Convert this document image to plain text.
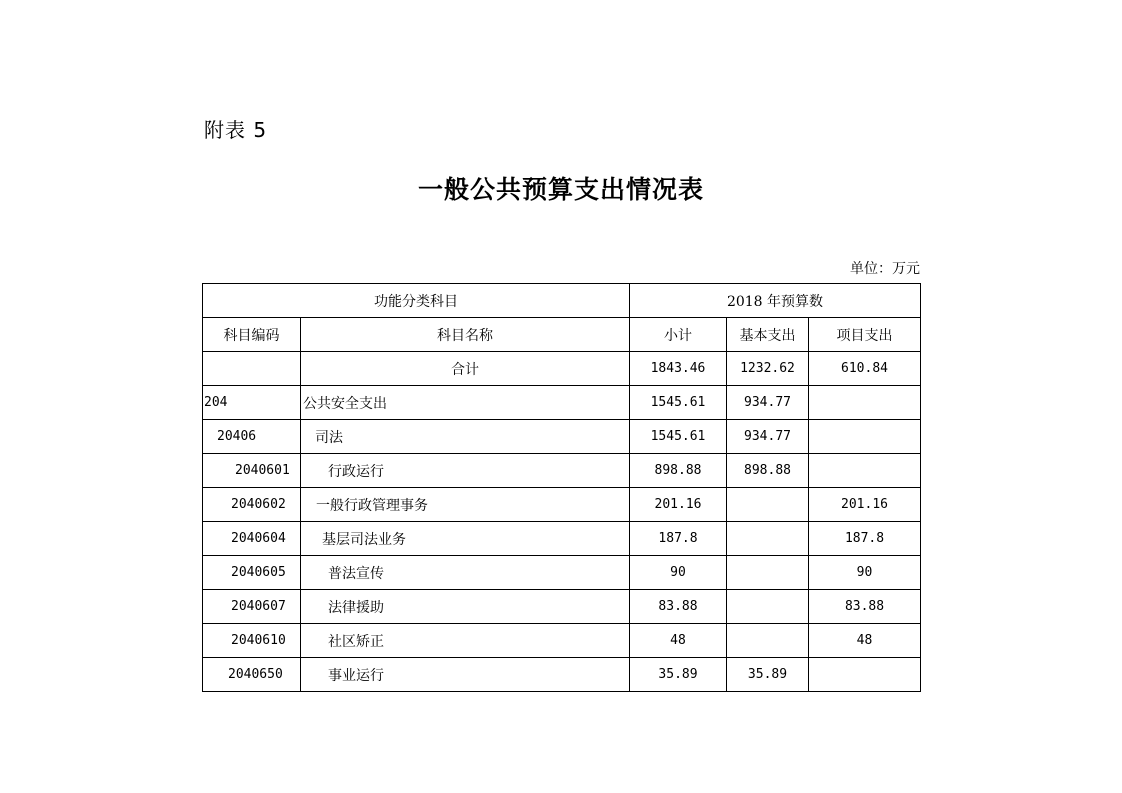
附表 5
一般公共预算支出情况表
单位：万元
功能分类科目		2018 年预算数		
科目编码	科目名称	小计	基本支出	项目支出
	合计	1843.46	1232.62	610.84
204	公共安全支出	1545.61	934.77	
20406	司法	1545.61	934.77	
2040601	行政运行	898.88	898.88	
2040602	一般行政管理事务	201.16		201.16
2040604	基层司法业务	187.8		187.8
2040605	普法宣传	90		90
2040607	法律援助	83.88		83.88
2040610	社区矫正	48		48
2040650	事业运行	35.89	35.89	
